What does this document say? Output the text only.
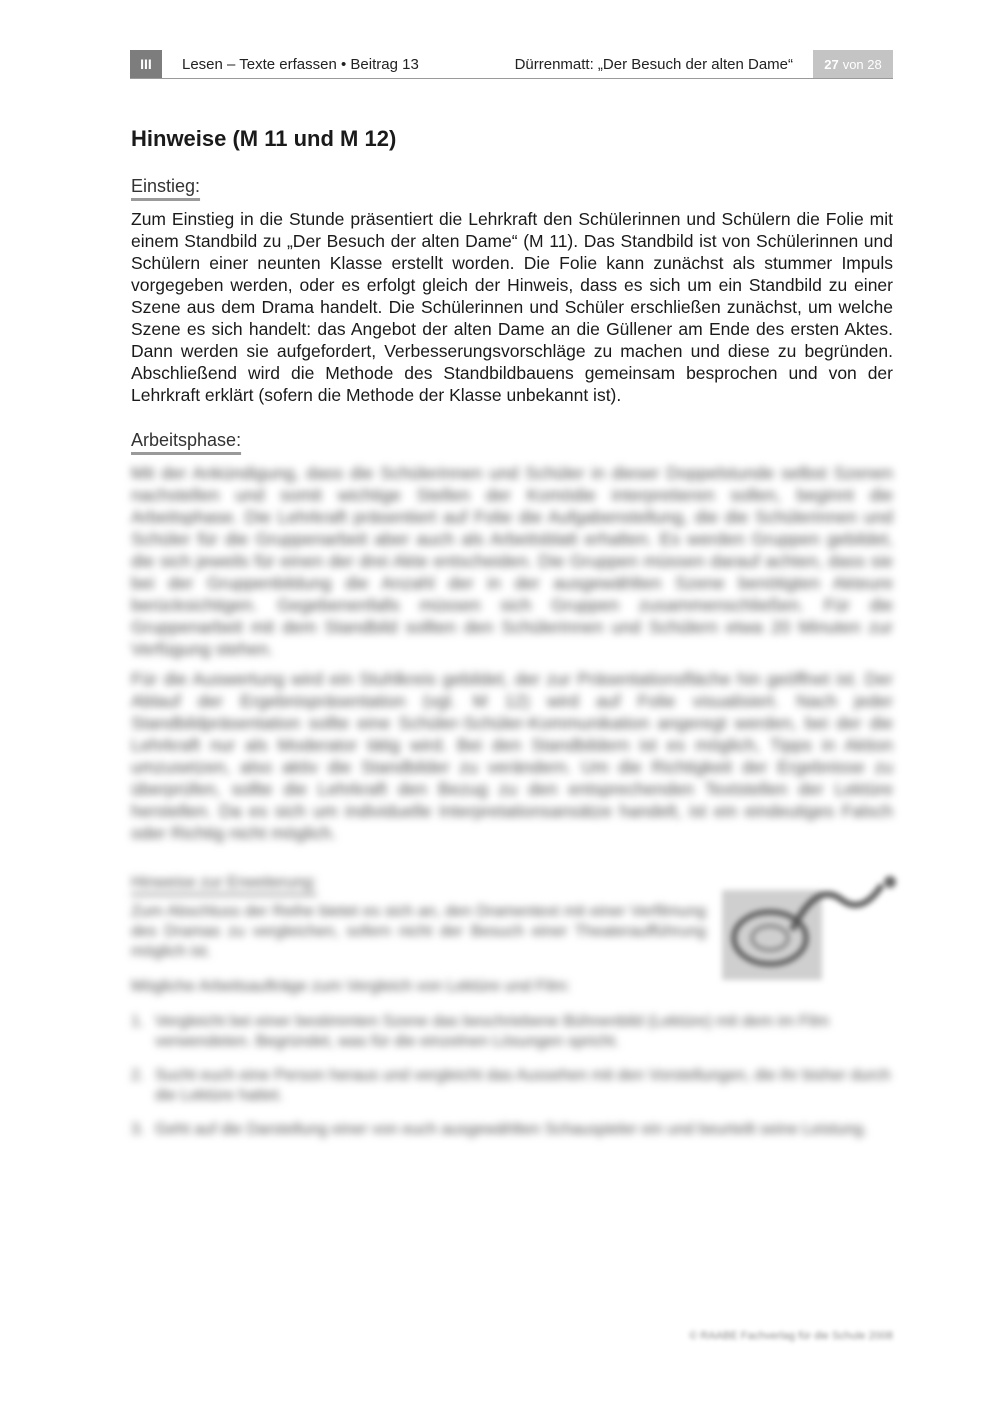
III	Lesen – Texte erfassen • Beitrag 13	Dürrenmatt: „Der Besuch der alten Dame“ 27 von 28
Hinweise (M 11 und M 12)
Einstieg:
Zum Einstieg in die Stunde präsentiert die Lehrkraft den Schülerinnen und Schülern die Folie mit einem Standbild zu „Der Besuch der alten Dame“ (M 11). Das Standbild ist von Schülerinnen und Schülern einer neunten Klasse erstellt worden. Die Folie kann zunächst als stummer Impuls vorgegeben werden, oder es erfolgt gleich der Hinweis, dass es sich um ein Standbild zu einer Szene aus dem Drama handelt. Die Schülerinnen und Schüler erschließen zunächst, um welche Szene es sich handelt: das Angebot der alten Dame an die Güllener am Ende des ersten Aktes. Dann werden sie aufgefordert, Verbesserungsvorschläge zu machen und diese zu begründen. Abschließend wird die Methode des Standbildbauens gemeinsam besprochen und von der Lehrkraft erklärt (sofern die Methode der Klasse unbekannt ist).
Arbeitsphase:
Mit der Ankündigung, dass die Schülerinnen und Schüler in dieser Doppelstunde selbst Szenen nachstellen und somit wichtige Stellen der Komödie interpretieren sollen, beginnt die Arbeitsphase. Die Lehrkraft präsentiert auf Folie die Aufgabenstellung, die die Schülerinnen und Schüler für die Gruppenarbeit aber auch als Arbeitsblatt erhalten. Es werden Gruppen gebildet, die sich jeweils für einen der drei Akte entscheiden. Die Gruppen müssen darauf achten, dass sie bei der Gruppenbildung die Anzahl der in der ausgewählten Szene benötigten Akteure berücksichtigen. Gegebenenfalls müssen sich Gruppen zusammenschließen. Für die Gruppenarbeit mit dem Standbild sollten den Schülerinnen und Schülern etwa 20 Minuten zur Verfügung stehen.
Für die Auswertung wird ein Stuhlkreis gebildet, der zur Präsentationsfläche hin geöffnet ist. Der Ablauf der Ergebnispräsentation (vgl. M 12) wird auf Folie visualisiert. Nach jeder Standbildpräsentation sollte eine Schüler-Schüler-Kommunikation angeregt werden, bei der die Lehrkraft nur als Moderator tätig wird. Bei den Standbildern ist es möglich, Tipps in Aktion umzusetzen, also aktiv die Standbilder zu verändern. Um die Richtigkeit der Ergebnisse zu überprüfen, sollte die Lehrkraft den Bezug zu den entsprechenden Textstellen der Lektüre herstellen. Da es sich um individuelle Interpretationsansätze handelt, ist ein eindeutiges Falsch oder Richtig nicht möglich.
Hinweise zur Erweiterung:
Zum Abschluss der Reihe bietet es sich an, den Dramentext mit einer Verfilmung des Dramas zu vergleichen, sofern nicht der Besuch einer Theateraufführung möglich ist.
Mögliche Arbeitsaufträge zum Vergleich von Lektüre und Film:
1. Vergleicht bei einer bestimmten Szene das beschriebene Bühnenbild (Lektüre) mit dem im Film verwendeten. Begründet, was für die einzelnen Lösungen spricht.
2. Sucht euch eine Person heraus und vergleicht das Aussehen mit den Vorstellungen, die ihr bisher durch die Lektüre hattet.
3. Geht auf die Darstellung einer von euch ausgewählten Schauspieler ein und beurteilt seine Leistung.
© RAABE Fachverlag für die Schule 2008
